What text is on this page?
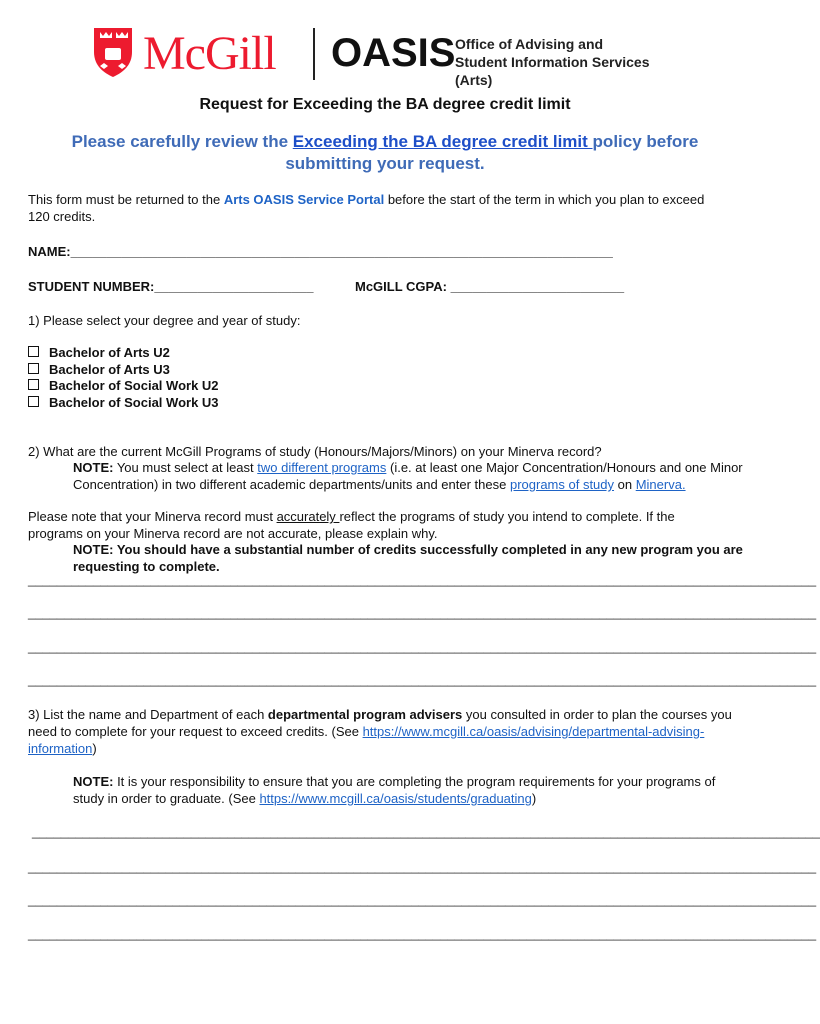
McGill OASIS Office of Advising and
Student Information Services (Arts)
Request for Exceeding the BA degree credit limit
Please carefully review the Exceeding the BA degree credit limit policy before submitting your request.
This form must be returned to the Arts OASIS Service Portal before the start of the term in which you plan to exceed 120 credits.
NAME:___________________________________________________________________________
STUDENT NUMBER:______________________	McGILL CGPA: ________________________
1) Please select your degree and year of study:
Bachelor of Arts U2
Bachelor of Arts U3
Bachelor of Social Work U2
Bachelor of Social Work U3
2) What are the current McGill Programs of study (Honours/Majors/Minors) on your Minerva record?
NOTE: You must select at least two different programs (i.e. at least one Major Concentration/Honours and one Minor Concentration) in two different academic departments/units and enter these programs of study on Minerva.
Please note that your Minerva record must accurately reflect the programs of study you intend to complete. If the programs on your Minerva record are not accurate, please explain why.
NOTE: You should have a substantial number of credits successfully completed in any new program you are requesting to complete.
_____________________________________________________________________________________________________________
_____________________________________________________________________________________________________________
_____________________________________________________________________________________________________________
_____________________________________________________________________________________________________________
3) List the name and Department of each departmental program advisers you consulted in order to plan the courses you need to complete for your request to exceed credits. (See https://www.mcgill.ca/oasis/advising/departmental-advising-information)
NOTE: It is your responsibility to ensure that you are completing the program requirements for your programs of study in order to graduate. (See https://www.mcgill.ca/oasis/students/graduating)
_____________________________________________________________________________________________________________
_____________________________________________________________________________________________________________
_____________________________________________________________________________________________________________
_____________________________________________________________________________________________________________
